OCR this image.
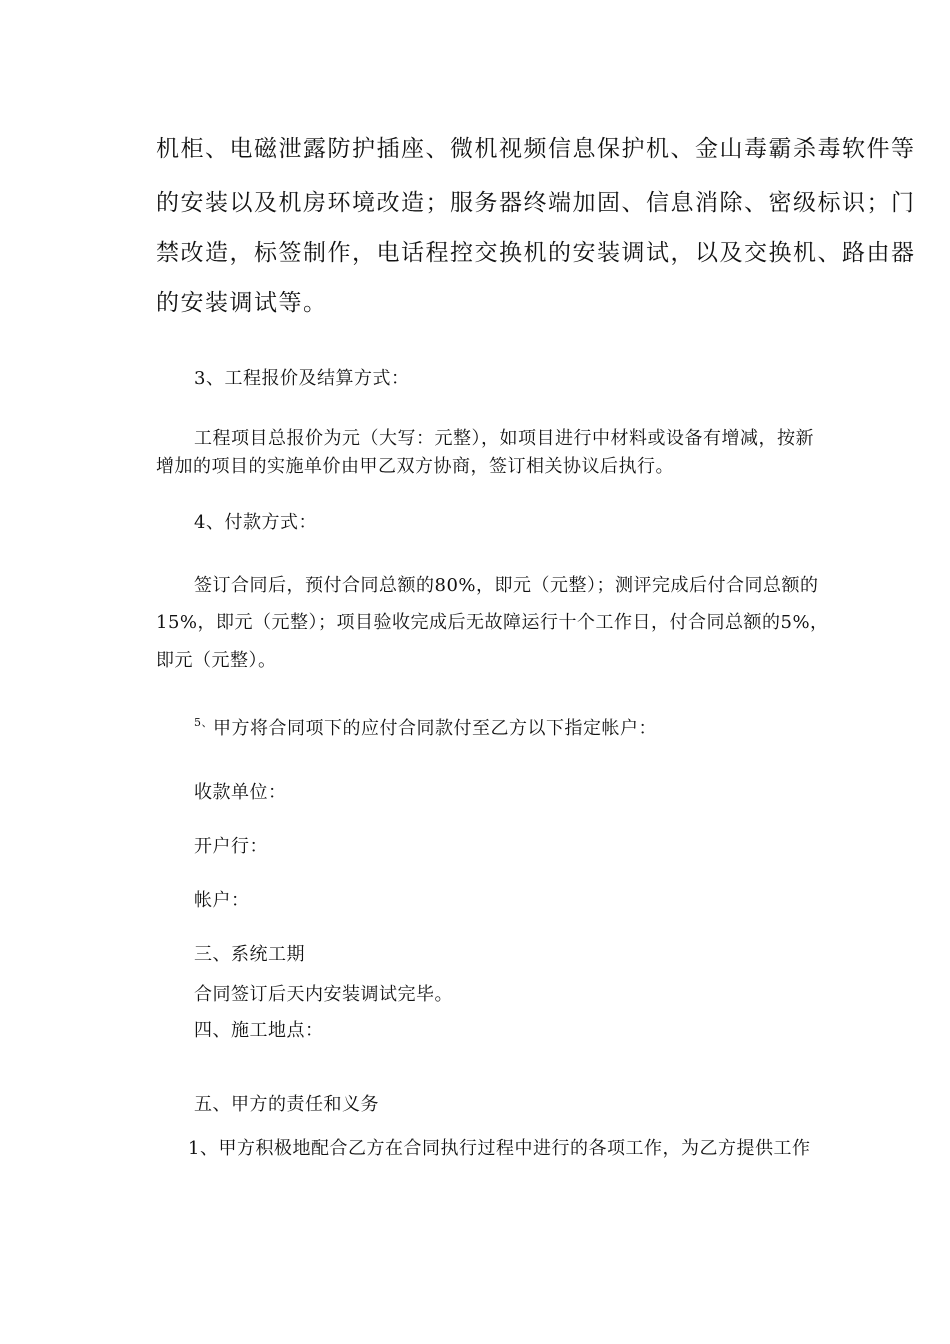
机柜、电磁泄露防护插座、微机视频信息保护机、金山毒霸杀毒软件等
的安装以及机房环境改造；服务器终端加固、信息消除、密级标识；门
禁改造，标签制作，电话程控交换机的安装调试，以及交换机、路由器
的安装调试等。
3、工程报价及结算方式：
工程项目总报价为元（大写：元整），如项目进行中材料或设备有增减，按新
增加的项目的实施单价由甲乙双方协商，签订相关协议后执行。
4、付款方式：
签订合同后，预付合同总额的80%，即元（元整）；测评完成后付合同总额的
15%，即元（元整）；项目验收完成后无故障运行十个工作日，付合同总额的5%，
即元（元整）。
$^{5、}$甲方将合同项下的应付合同款付至乙方以下指定帐户：
收款单位：
开户行：
帐户：
三、系统工期
合同签订后天内安装调试完毕。
四、施工地点：
五、甲方的责任和义务
1、甲方积极地配合乙方在合同执行过程中进行的各项工作，为乙方提供工作
